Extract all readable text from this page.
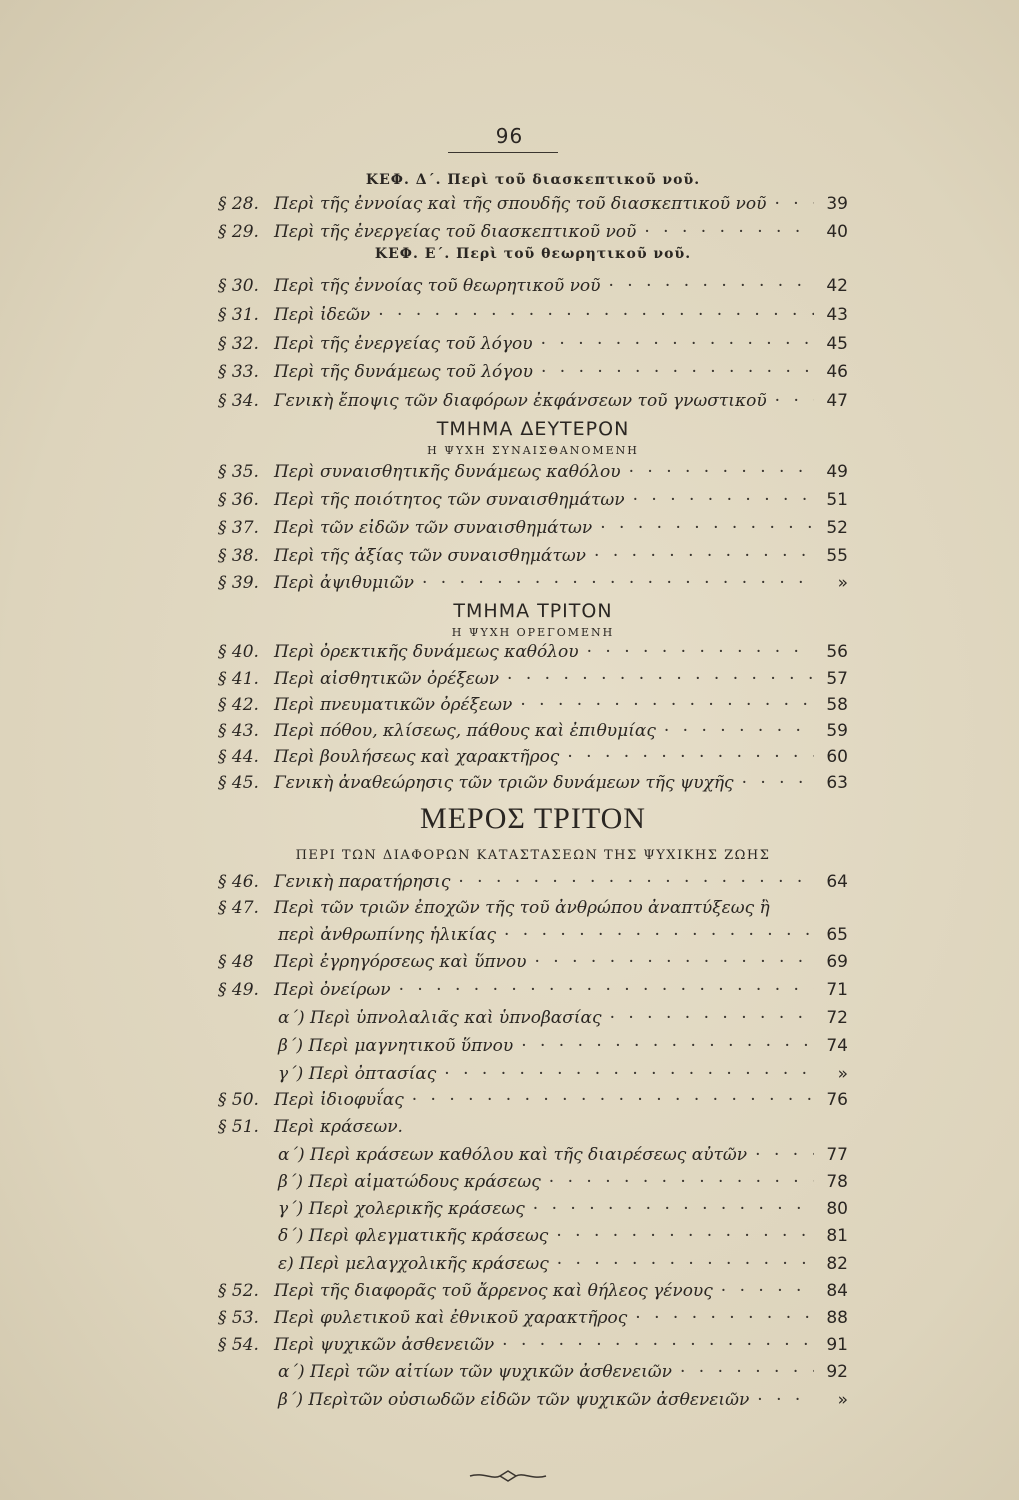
96
ΚΕΦ. Δ΄. Περὶ τοῦ διασκεπτικοῦ νοῦ.
§ 28. Περὶ τῆς ἐννοίας καὶ τῆς σπουδῆς τοῦ διασκεπτικοῦ νοῦ · · ·	39
§ 29. Περὶ τῆς ἐνεργείας τοῦ διασκεπτικοῦ νοῦ · · ·	40
ΚΕΦ. Ε΄. Περὶ τοῦ θεωρητικοῦ νοῦ.
§ 30. Περὶ τῆς ἐννοίας τοῦ θεωρητικοῦ νοῦ · · ·	42
§ 31. Περὶ ἰδεῶν · · ·	43
§ 32. Περὶ τῆς ἐνεργείας τοῦ λόγου · · ·	45
§ 33. Περὶ τῆς δυνάμεως τοῦ λόγου · · ·	46
§ 34. Γενικὴ ἔποψις τῶν διαφόρων ἐκφάνσεων τοῦ γνωστικοῦ · · ·	47
ΤΜΗΜΑ ΔΕΥΤΕΡΟΝ
Η ΨΥΧΗ ΣΥΝΑΙΣΘΑΝΟΜΕΝΗ
§ 35. Περὶ συναισθητικῆς δυνάμεως καθόλου · · ·	49
§ 36. Περὶ τῆς ποιότητος τῶν συναισθημάτων · · ·	51
§ 37. Περὶ τῶν εἰδῶν τῶν συναισθημάτων · · ·	52
§ 38. Περὶ τῆς ἀξίας τῶν συναισθημάτων · · ·	55
§ 39. Περὶ ἀψιθυμιῶν · · ·	»
ΤΜΗΜΑ ΤΡΙΤΟΝ
Η ΨΥΧΗ ΟΡΕΓΟΜΕΝΗ
§ 40. Περὶ ὀρεκτικῆς δυνάμεως καθόλου · · ·	56
§ 41. Περὶ αἰσθητικῶν ὀρέξεων · · ·	57
§ 42. Περὶ πνευματικῶν ὀρέξεων · · ·	58
§ 43. Περὶ πόθου, κλίσεως, πάθους καὶ ἐπιθυμίας · · ·	59
§ 44. Περὶ βουλήσεως καὶ χαρακτῆρος · · ·	60
§ 45. Γενικὴ ἀναθεώρησις τῶν τριῶν δυνάμεων τῆς ψυχῆς · · ·	63
ΜΕΡΟΣ ΤΡΙΤΟΝ
ΠΕΡΙ ΤΩΝ ΔΙΑΦΟΡΩΝ ΚΑΤΑΣΤΑΣΕΩΝ ΤΗΣ ΨΥΧΙΚΗΣ ΖΩΗΣ
§ 46. Γενικὴ παρατήρησις · · ·	64
§ 47. Περὶ τῶν τριῶν ἐποχῶν τῆς τοῦ ἀνθρώπου ἀναπτύξεως ἢ
περὶ ἀνθρωπίνης ἡλικίας · · ·	65
§ 48	Περὶ ἐγρηγόρσεως καὶ ὕπνου · · ·	69
§ 49. Περὶ ὀνείρων · · ·	71
α΄) Περὶ ὑπνολαλιᾶς καὶ ὑπνοβασίας · · ·	72
β΄) Περὶ μαγνητικοῦ ὕπνου · · ·	74
γ΄) Περὶ ὀπτασίας · · ·	»
§ 50. Περὶ ἰδιοφυΐας · · ·	76
§ 51. Περὶ κράσεων.
α΄) Περὶ κράσεων καθόλου καὶ τῆς διαιρέσεως αὐτῶν · · ·	77
β΄) Περὶ αἱματώδους κράσεως · · ·	78
γ΄) Περὶ χολερικῆς κράσεως · · ·	80
δ΄) Περὶ φλεγματικῆς κράσεως · · ·	81
ε) Περὶ μελαγχολικῆς κράσεως · · ·	82
§ 52. Περὶ τῆς διαφορᾶς τοῦ ἄρρενος καὶ θήλεος γένους · · ·	84
§ 53. Περὶ φυλετικοῦ καὶ ἐθνικοῦ χαρακτῆρος · · ·	88
§ 54. Περὶ ψυχικῶν ἀσθενειῶν · · ·	91
α΄) Περὶ τῶν αἰτίων τῶν ψυχικῶν ἀσθενειῶν · · ·	92
β΄) Περὶτῶν οὐσιωδῶν εἰδῶν τῶν ψυχικῶν ἀσθενειῶν · · ·	»
